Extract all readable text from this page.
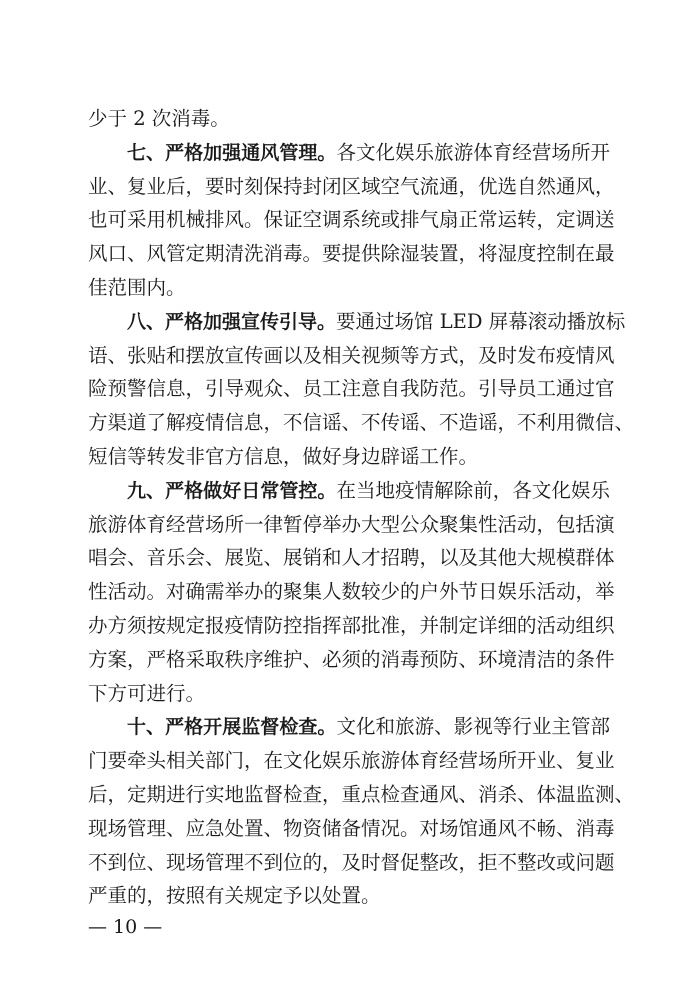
少于 2 次消毒。
七、严格加强通风管理。各文化娱乐旅游体育经营场所开
业、复业后，要时刻保持封闭区域空气流通，优选自然通风，
也可采用机械排风。保证空调系统或排气扇正常运转，定调送
风口、风管定期清洗消毒。要提供除湿装置，将湿度控制在最
佳范围内。
八、严格加强宣传引导。要通过场馆 LED 屏幕滚动播放标
语、张贴和摆放宣传画以及相关视频等方式，及时发布疫情风
险预警信息，引导观众、员工注意自我防范。引导员工通过官
方渠道了解疫情信息，不信谣、不传谣、不造谣，不利用微信、
短信等转发非官方信息，做好身边辟谣工作。
九、严格做好日常管控。在当地疫情解除前，各文化娱乐
旅游体育经营场所一律暂停举办大型公众聚集性活动，包括演
唱会、音乐会、展览、展销和人才招聘，以及其他大规模群体
性活动。对确需举办的聚集人数较少的户外节日娱乐活动，举
办方须按规定报疫情防控指挥部批准，并制定详细的活动组织
方案，严格采取秩序维护、必须的消毒预防、环境清洁的条件
下方可进行。
十、严格开展监督检查。文化和旅游、影视等行业主管部
门要牵头相关部门，在文化娱乐旅游体育经营场所开业、复业
后，定期进行实地监督检查，重点检查通风、消杀、体温监测、
现场管理、应急处置、物资储备情况。对场馆通风不畅、消毒
不到位、现场管理不到位的，及时督促整改，拒不整改或问题
严重的，按照有关规定予以处置。
— 10 —
